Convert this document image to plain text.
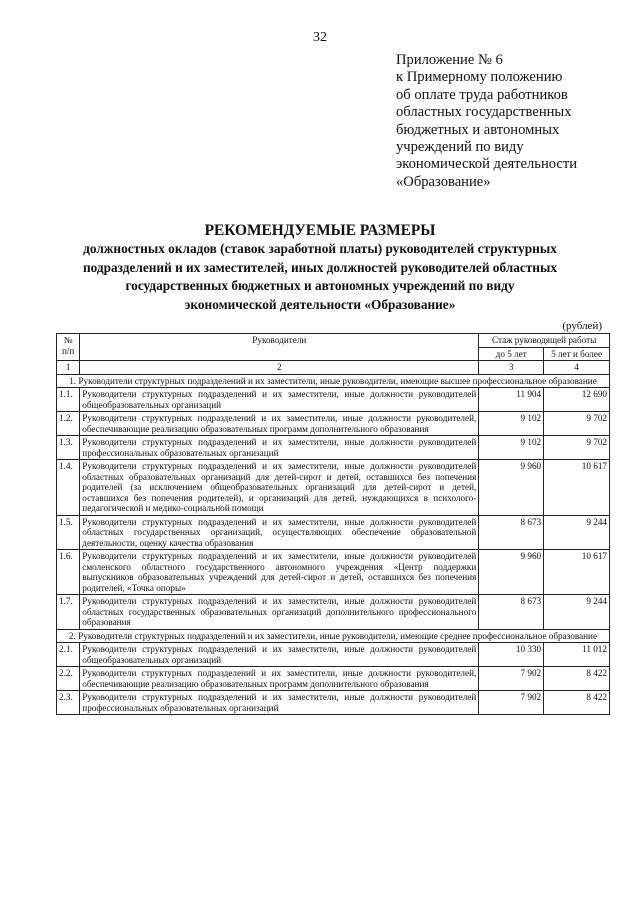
32
Приложение № 6
к Примерному положению
об оплате труда работников
областных государственных
бюджетных и автономных
учреждений по виду
экономической деятельности
«Образование»
РЕКОМЕНДУЕМЫЕ РАЗМЕРЫ
должностных окладов (ставок заработной платы) руководителей структурных
подразделений и их заместителей, иных должностей руководителей областных
государственных бюджетных и автономных учреждений по виду
экономической деятельности «Образование»
(рублей)
№ п/п	Руководители	Стаж руководящей работы	
		до 5 лет	5 лет и более
1	2	3	4
1. Руководители структурных подразделений и их заместители, иные руководители, имеющие высшее профессиональное образование			
1.1.	Руководители структурных подразделений и их заместители, иные должности руководителей общеобразовательных организаций	11 904	12 690
1.2.	Руководители структурных подразделений и их заместители, иные должности руководителей, обеспечивающие реализацию образовательных программ дополнительного образования	9 102	9 702
1.3.	Руководители структурных подразделений и их заместители, иные должности руководителей профессиональных образовательных организаций	9 102	9 702
1.4.	Руководители структурных подразделений и их заместители, иные должности руководителей областных образовательных организаций для детей-сирот и детей, оставшихся без попечения родителей (за исключением общеобразовательных организаций для детей-сирот и детей, оставшихся без попечения родителей), и организаций для детей, нуждающихся в психолого-педагогической и медико-социальной помощи	9 960	10 617
1.5.	Руководители структурных подразделений и их заместители, иные должности руководителей областных государственных организаций, осуществляющих обеспечение образовательной деятельности, оценку качества образования	8 673	9 244
1.6.	Руководители структурных подразделений и их заместители, иные должности руководителей смоленского областного государственного автономного учреждения «Центр поддержки выпускников образовательных учреждений для детей-сирот и детей, оставшихся без попечения родителей, «Точка опоры»	9 960	10 617
1.7.	Руководители структурных подразделений и их заместители, иные должности руководителей областных государственных образовательных организаций дополнительного профессионального образования	8 673	9 244
2. Руководители структурных подразделений и их заместители, иные руководители, имеющие среднее профессиональное образование			
2.1.	Руководители структурных подразделений и их заместители, иные должности руководителей общеобразовательных организаций	10 330	11 012
2.2.	Руководители структурных подразделений и их заместители, иные должности руководителей, обеспечивающие реализацию образовательных программ дополнительного образования	7 902	8 422
2.3.	Руководители структурных подразделений и их заместители, иные должности руководителей профессиональных образовательных организаций	7 902	8 422
